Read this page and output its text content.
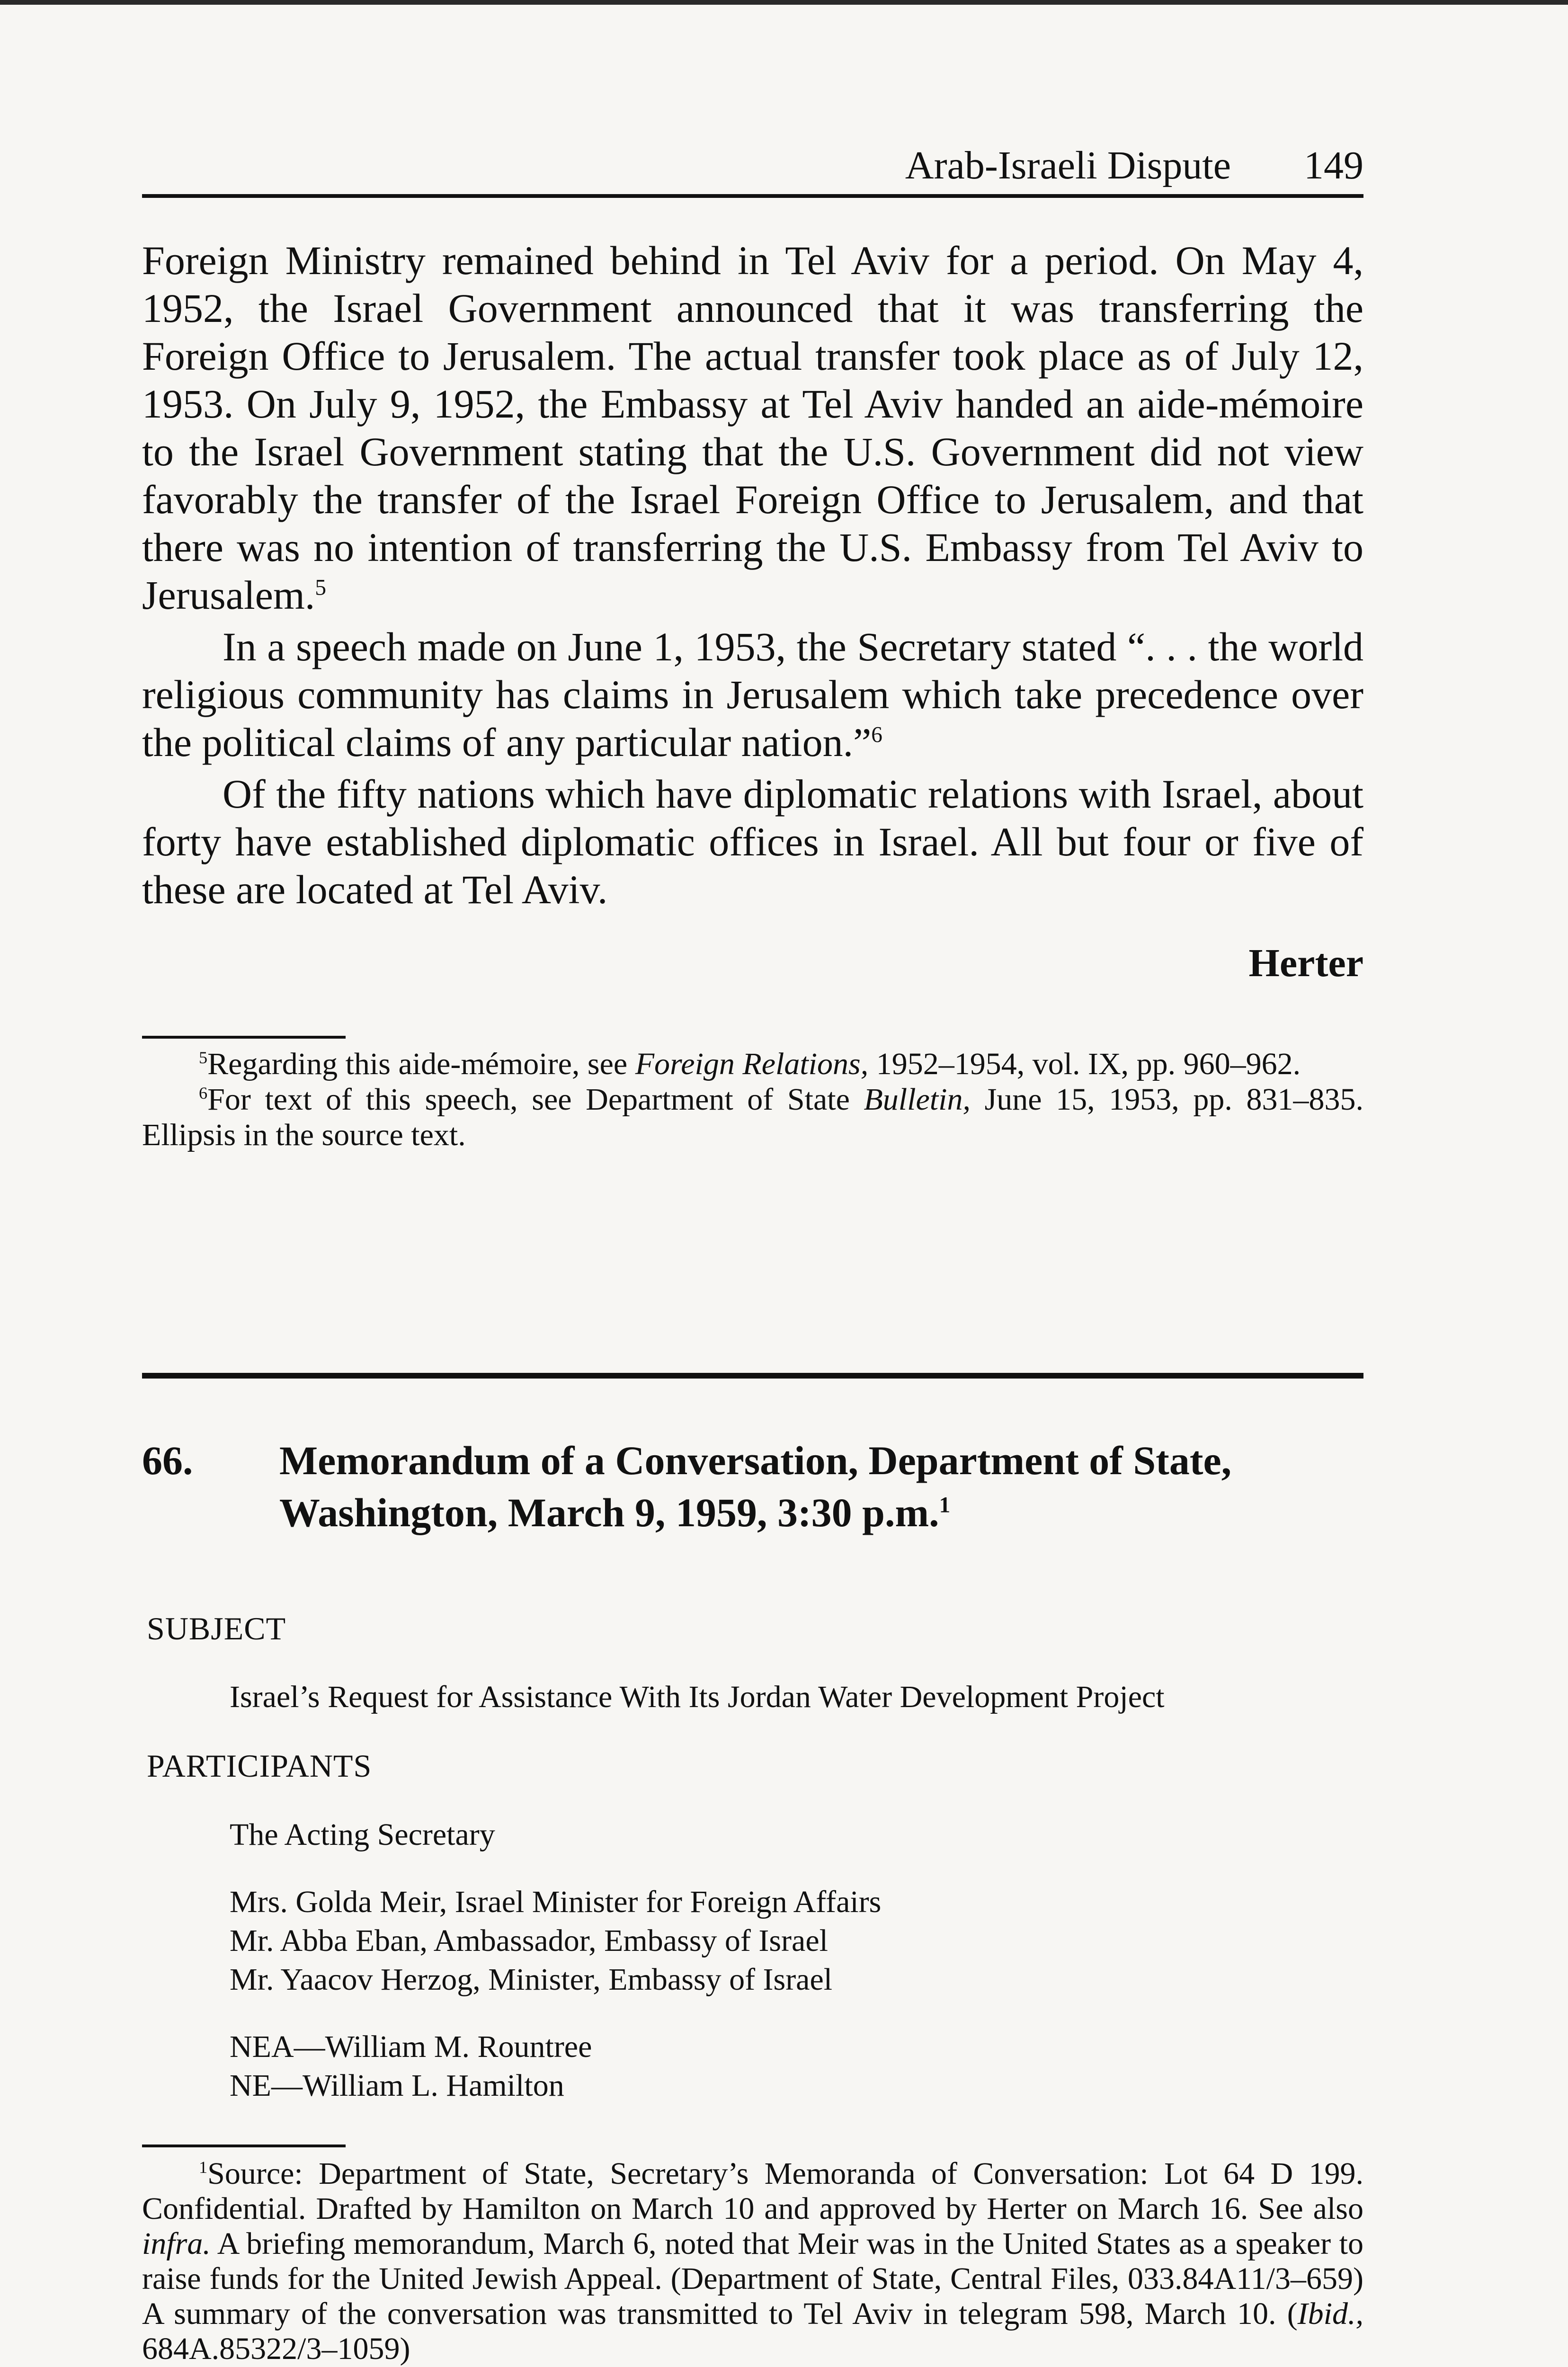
Arab-Israeli Dispute 149

Foreign Ministry remained behind in Tel Aviv for a period. On May 4, 1952, the Israel Government announced that it was transferring the Foreign Office to Jerusalem. The actual transfer took place as of July 12, 1953. On July 9, 1952, the Embassy at Tel Aviv handed an aide-mémoire to the Israel Government stating that the U.S. Government did not view favorably the transfer of the Israel Foreign Office to Jerusalem, and that there was no intention of transferring the U.S. Embassy from Tel Aviv to Jerusalem.$^5$

In a speech made on June 1, 1953, the Secretary stated “. . . the world religious community has claims in Jerusalem which take precedence over the political claims of any particular nation.”$^6$

Of the fifty nations which have diplomatic relations with Israel, about forty have established diplomatic offices in Israel. All but four or five of these are located at Tel Aviv.

Herter

$^5$Regarding this aide-mémoire, see Foreign Relations, 1952–1954, vol. IX, pp. 960–962.

$^6$For text of this speech, see Department of State Bulletin, June 15, 1953, pp. 831–835. Ellipsis in the source text.

66. Memorandum of a Conversation, Department of State,
Washington, March 9, 1959, 3:30 p.m.$^1$
SUBJECT
Israel’s Request for Assistance With Its Jordan Water Development Project
PARTICIPANTS
The Acting Secretary
Mrs. Golda Meir, Israel Minister for Foreign Affairs
Mr. Abba Eban, Ambassador, Embassy of Israel
Mr. Yaacov Herzog, Minister, Embassy of Israel
NEA—William M. Rountree
NE—William L. Hamilton

$^1$Source: Department of State, Secretary’s Memoranda of Conversation: Lot 64 D 199. Confidential. Drafted by Hamilton on March 10 and approved by Herter on March 16. See also infra. A briefing memorandum, March 6, noted that Meir was in the United States as a speaker to raise funds for the United Jewish Appeal. (Department of State, Central Files, 033.84A11/3–659) A summary of the conversation was transmitted to Tel Aviv in telegram 598, March 10. (Ibid., 684A.85322/3–1059)
